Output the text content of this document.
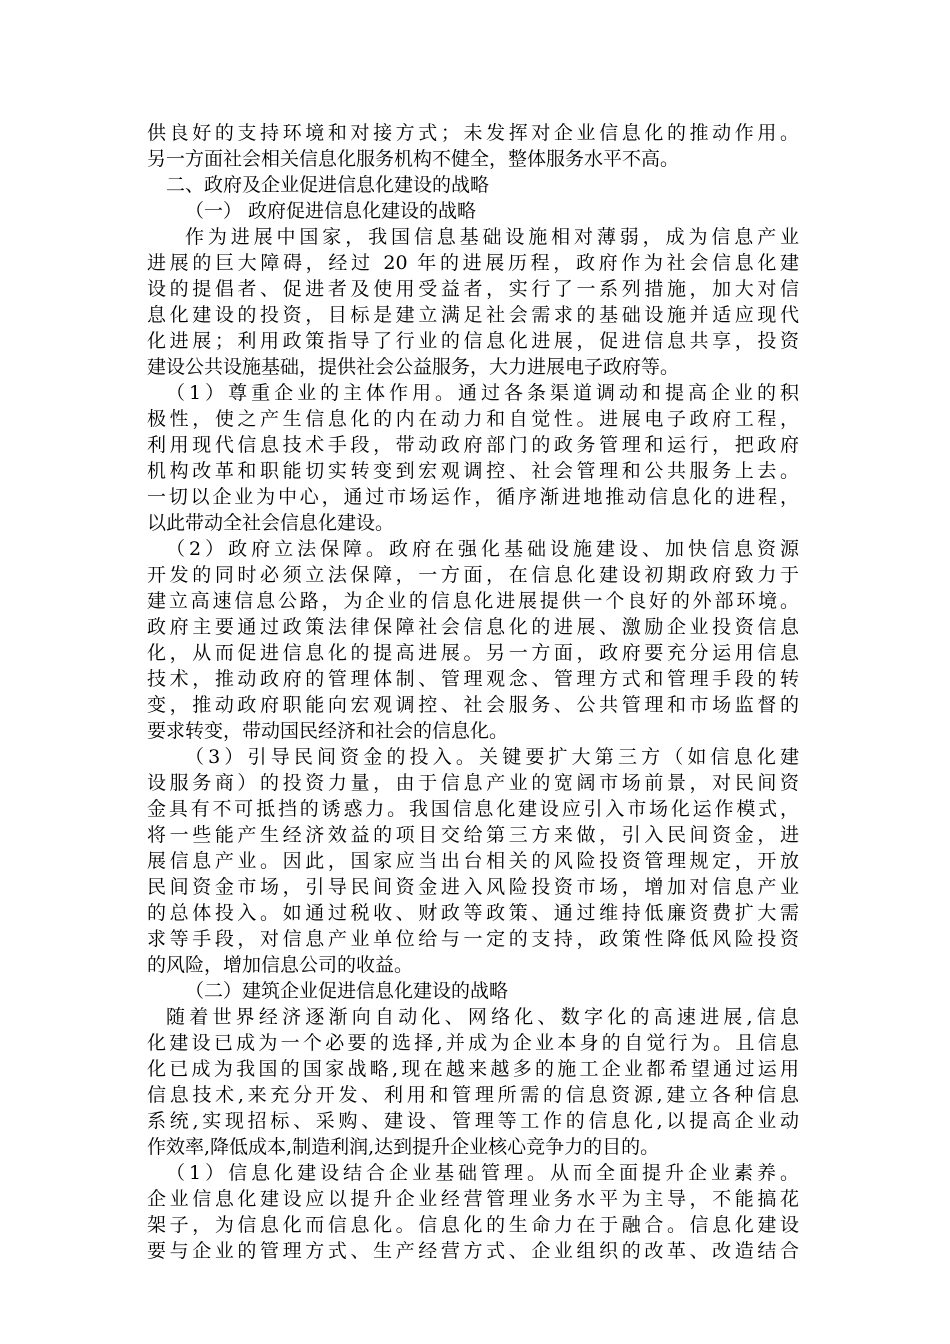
供良好的支持环境和对接方式；未发挥对企业信息化的推动作用。
另一方面社会相关信息化服务机构不健全，整体服务水平不高。
二、政府及企业促进信息化建设的战略
（一） 政府促进信息化建设的战略
作为进展中国家，我国信息基础设施相对薄弱，成为信息产业
进展的巨大障碍，经过 20 年的进展历程，政府作为社会信息化建
设的提倡者、促进者及使用受益者，实行了一系列措施，加大对信
息化建设的投资，目标是建立满足社会需求的基础设施并适应现代
化进展；利用政策指导了行业的信息化进展，促进信息共享，投资
建设公共设施基础，提供社会公益服务，大力进展电子政府等。
（1）尊重企业的主体作用。通过各条渠道调动和提高企业的积
极性，使之产生信息化的内在动力和自觉性。进展电子政府工程，
利用现代信息技术手段，带动政府部门的政务管理和运行，把政府
机构改革和职能切实转变到宏观调控、社会管理和公共服务上去。
一切以企业为中心，通过市场运作，循序渐进地推动信息化的进程，
以此带动全社会信息化建设。
（2）政府立法保障。政府在强化基础设施建设、加快信息资源
开发的同时必须立法保障，一方面，在信息化建设初期政府致力于
建立高速信息公路，为企业的信息化进展提供一个良好的外部环境。
政府主要通过政策法律保障社会信息化的进展、激励企业投资信息
化，从而促进信息化的提高进展。另一方面，政府要充分运用信息
技术，推动政府的管理体制、管理观念、管理方式和管理手段的转
变，推动政府职能向宏观调控、社会服务、公共管理和市场监督的
要求转变，带动国民经济和社会的信息化。
（3）引导民间资金的投入。关键要扩大第三方（如信息化建
设服务商）的投资力量，由于信息产业的宽阔市场前景，对民间资
金具有不可抵挡的诱惑力。我国信息化建设应引入市场化运作模式，
将一些能产生经济效益的项目交给第三方来做，引入民间资金，进
展信息产业。因此，国家应当出台相关的风险投资管理规定，开放
民间资金市场，引导民间资金进入风险投资市场，增加对信息产业
的总体投入。如通过税收、财政等政策、通过维持低廉资费扩大需
求等手段，对信息产业单位给与一定的支持，政策性降低风险投资
的风险，增加信息公司的收益。
（二）建筑企业促进信息化建设的战略
随着世界经济逐渐向自动化、网络化、数字化的高速进展,信息
化建设已成为一个必要的选择,并成为企业本身的自觉行为。且信息
化已成为我国的国家战略,现在越来越多的施工企业都希望通过运用
信息技术,来充分开发、利用和管理所需的信息资源,建立各种信息
系统,实现招标、采购、建设、管理等工作的信息化,以提高企业动
作效率,降低成本,制造利润,达到提升企业核心竞争力的目的。
（1）信息化建设结合企业基础管理。从而全面提升企业素养。
企业信息化建设应以提升企业经营管理业务水平为主导，不能搞花
架子，为信息化而信息化。信息化的生命力在于融合。信息化建设
要与企业的管理方式、生产经营方式、企业组织的改革、改造结合
